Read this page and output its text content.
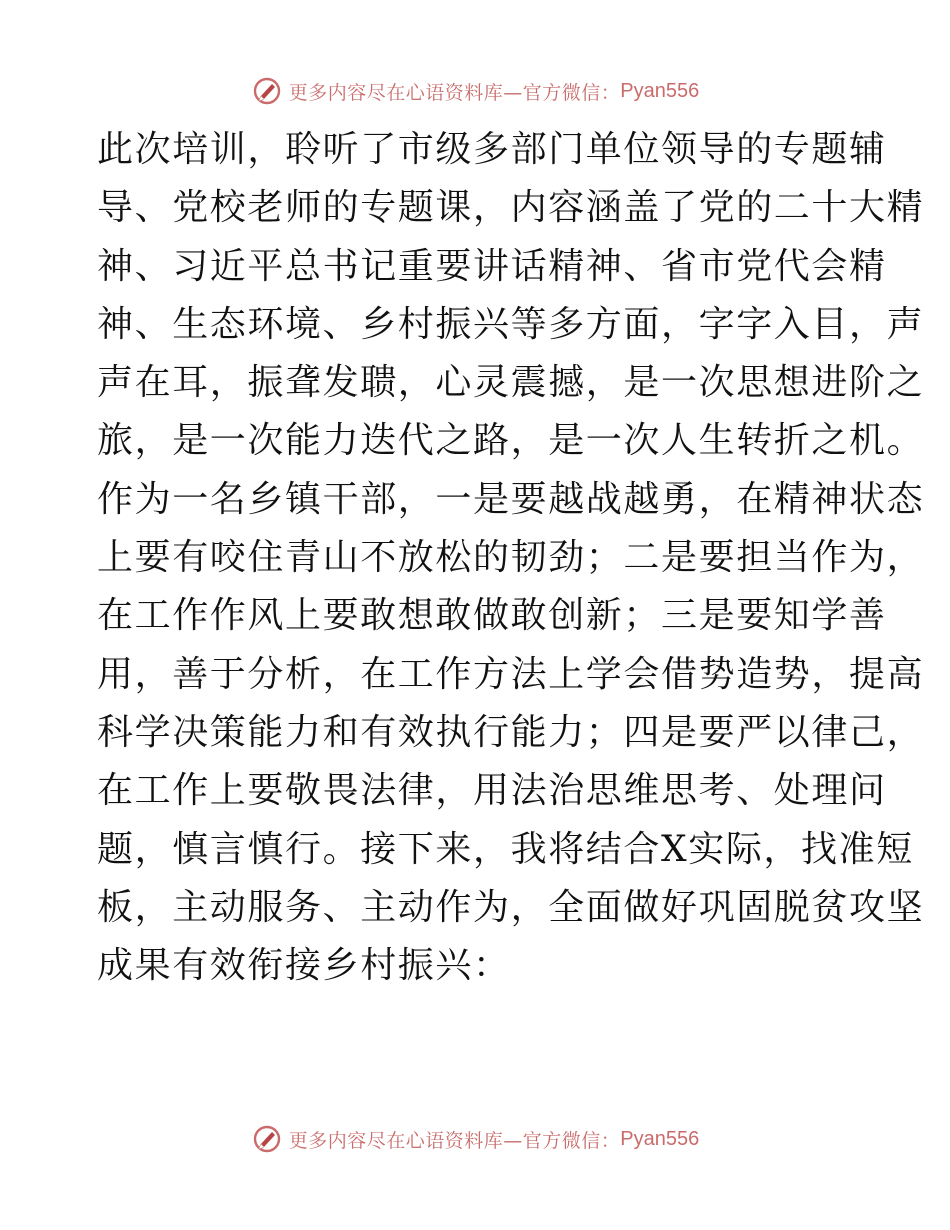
更多内容尽在心语资料库—官方微信： Pyan556
此次培训，聆听了市级多部门单位领导的专题辅
导、党校老师的专题课，内容涵盖了党的二十大精
神、习近平总书记重要讲话精神、省市党代会精
神、生态环境、乡村振兴等多方面，字字入目，声
声在耳，振聋发聩，心灵震撼，是一次思想进阶之
旅，是一次能力迭代之路，是一次人生转折之机。
作为一名乡镇干部，一是要越战越勇，在精神状态
上要有咬住青山不放松的韧劲；二是要担当作为，
在工作作风上要敢想敢做敢创新；三是要知学善
用，善于分析，在工作方法上学会借势造势，提高
科学决策能力和有效执行能力；四是要严以律己，
在工作上要敬畏法律，用法治思维思考、处理问
题，慎言慎行。接下来，我将结合X实际，找准短
板，主动服务、主动作为，全面做好巩固脱贫攻坚
成果有效衔接乡村振兴：
更多内容尽在心语资料库—官方微信： Pyan556
